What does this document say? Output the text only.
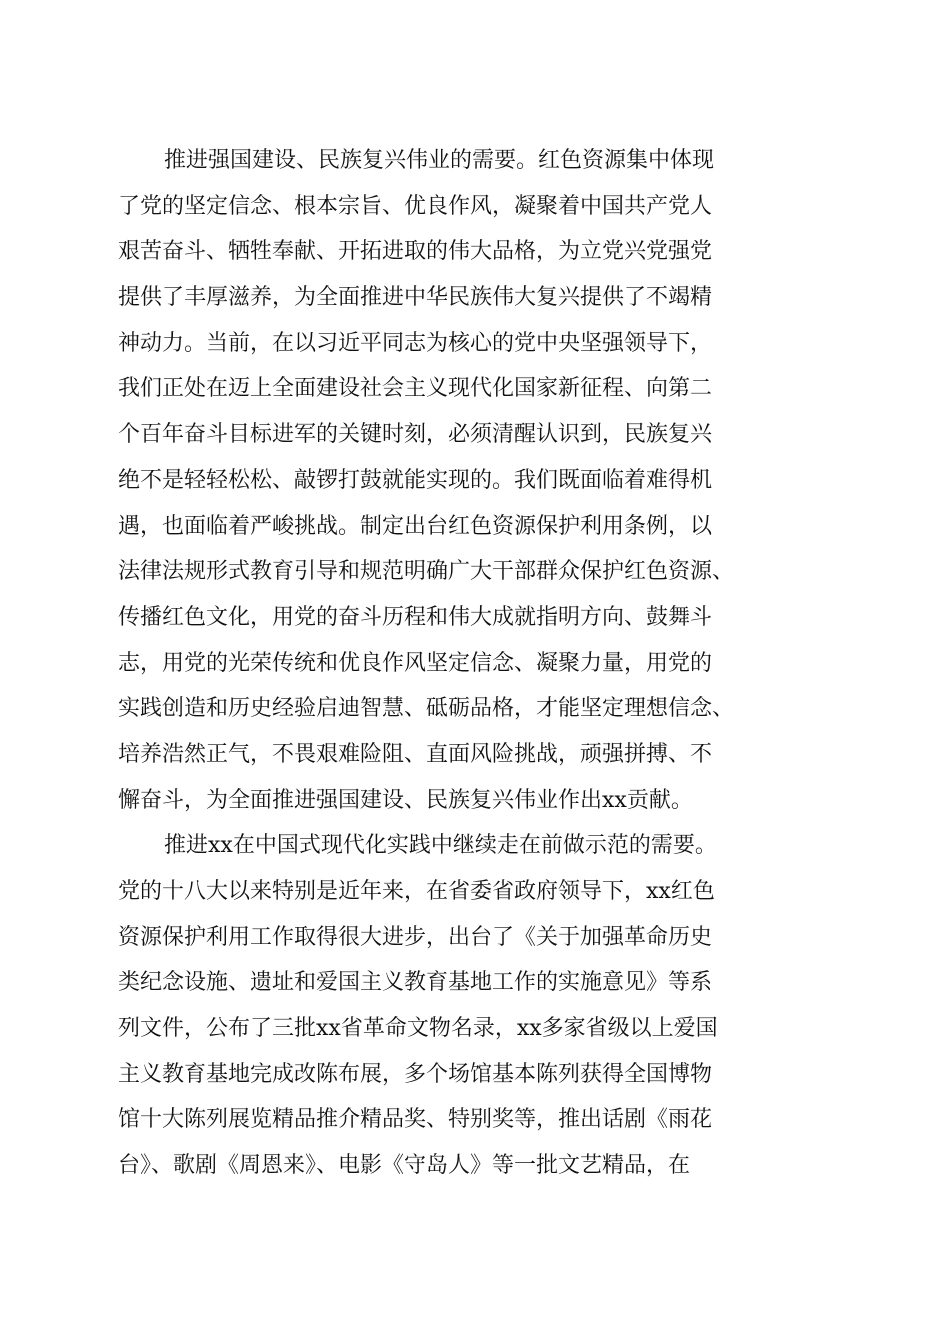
推进强国建设、民族复兴伟业的需要。红色资源集中体现
了党的坚定信念、根本宗旨、优良作风，凝聚着中国共产党人
艰苦奋斗、牺牲奉献、开拓进取的伟大品格，为立党兴党强党
提供了丰厚滋养，为全面推进中华民族伟大复兴提供了不竭精
神动力。当前，在以习近平同志为核心的党中央坚强领导下，
我们正处在迈上全面建设社会主义现代化国家新征程、向第二
个百年奋斗目标进军的关键时刻，必须清醒认识到，民族复兴
绝不是轻轻松松、敲锣打鼓就能实现的。我们既面临着难得机
遇，也面临着严峻挑战。制定出台红色资源保护利用条例，以
法律法规形式教育引导和规范明确广大干部群众保护红色资源、
传播红色文化，用党的奋斗历程和伟大成就指明方向、鼓舞斗
志，用党的光荣传统和优良作风坚定信念、凝聚力量，用党的
实践创造和历史经验启迪智慧、砥砺品格，才能坚定理想信念、
培养浩然正气，不畏艰难险阻、直面风险挑战，顽强拼搏、不
懈奋斗，为全面推进强国建设、民族复兴伟业作出xx贡献。
推进xx在中国式现代化实践中继续走在前做示范的需要。
党的十八大以来特别是近年来，在省委省政府领导下，xx红色
资源保护利用工作取得很大进步，出台了《关于加强革命历史
类纪念设施、遗址和爱国主义教育基地工作的实施意见》等系
列文件，公布了三批xx省革命文物名录，xx多家省级以上爱国
主义教育基地完成改陈布展，多个场馆基本陈列获得全国博物
馆十大陈列展览精品推介精品奖、特别奖等，推出话剧《雨花
台》、歌剧《周恩来》、电影《守岛人》等一批文艺精品，在
